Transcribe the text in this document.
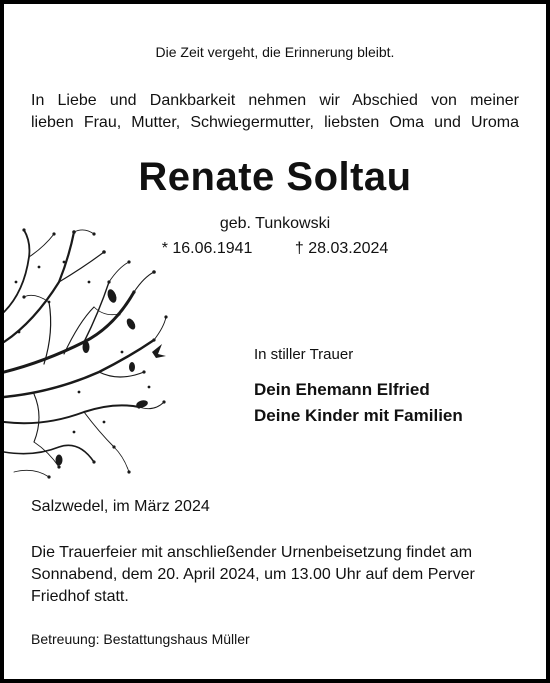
Die Zeit vergeht, die Erinnerung bleibt.
In Liebe und Dankbarkeit nehmen wir Abschied von meiner
lieben Frau, Mutter, Schwiegermutter, liebsten Oma und Uroma
Renate Soltau
geb. Tunkowski
* 16.06.1941	† 28.03.2024
In stiller Trauer
Dein Ehemann Elfried
Deine Kinder mit Familien
Salzwedel, im März 2024
Die Trauerfeier mit anschließender Urnenbeisetzung findet am
Sonnabend, dem 20. April 2024, um 13.00 Uhr auf dem Perver
Friedhof statt.
Betreuung: Bestattungshaus Müller
